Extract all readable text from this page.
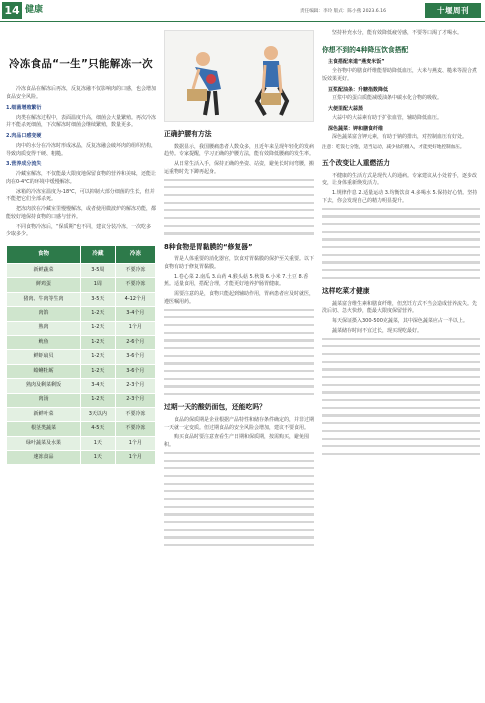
14 健康	责任编辑：李玲 版式：陈小燕 2023.6.16	十堰周刊
冷冻食品“一生”只能解冻一次
冷冻食品在解冻后再冻，反复冻融不仅影响肉的口感，也会增加食品安全风险。
1.细菌增殖繁衍
肉类在解冻过程中，表面温度升高，细菌会大量繁殖。再次冷冻并不能杀死细菌，下次解冻时细菌会继续繁殖，数量更多。
2.肉品口感变硬
肉中的水分在冷冻时形成冰晶，反复冻融会破坏肉的组织结构，导致肉质变得干硬、粗糙。
3.营养成分流失
冷藏室解冻，不仅能最大限度地保留食物的营养和美味，还能让肉在0-4℃的环境中缓慢解冻。
冰箱的冷冻室温度为-18℃，可以抑制大部分细菌的生长，但并不能把它们全部杀死。
把冻肉放在冷藏室里慢慢解冻，或者使用微波炉的解冻功能，都能较好地保持食物的口感与营养。
不同食物冷冻后，“保质期”也不同，建议分装冷冻，一次吃多少取多少。
食物	冷藏	冷冻
新鲜蔬菜	3-5周	不要冷冻
鲜鸡蛋	1周	不要冷冻
猪肉、牛肉等生肉	3-5天	4-12个月
肉馅	1-2天	3-4个月
熟肉	1-2天	1个月
鱿鱼	1-2天	2-6个月
鲜虾扇贝	1-2天	3-6个月
蛤蜊牡蛎	1-2天	3-6个月
熟肉及剩菜剩饭	3-4天	2-3个月
肉汤	1-2天	2-3个月
新鲜叶菜	3天以内	不要冷冻
根茎类蔬菜	4-5天	不要冷冻
绿叶蔬菜及水果	1天	1个月
速冻食品	1天	1个月
正确护腰有方法
数据显示，我国腰痛患者人数众多，且近年来呈现年轻化的发病趋势。专家提醒，学习正确的护腰方法，能有效降低腰痛的发生率。
从日常生活入手，保持正确的坐姿、站姿，避免长时间弯腰，搬运重物时先下蹲再起身。
8种食物是胃黏膜的“修复器”
胃是人体重要的消化器官，饮食对胃黏膜的保护至关重要。以下食物有助于修复胃黏膜。
1.卷心菜 2.南瓜 3.山药 4.猴头菇 5.秋葵 6.小米 7.土豆 8.香蕉。适量食用，搭配合理，才能更好地养护肠胃健康。
需要注意的是，食物只能起到辅助作用，胃病患者应及时就医，遵医嘱用药。
过期一天的酸奶面包，还能吃吗？
食品的保质期是企业根据产品特性和储存条件确定的，并非过期一天就一定变质。但过期食品的安全风险会增加，建议不要食用。
购买食品时要注意查看生产日期和保质期，按需购买，避免囤积。
坚持补充水分，能有效降低疲劳感，不要等口渴了才喝水。
你想不到的4种降压饮食搭配
主食搭配来道“燕麦米饭”
全谷物中的膳食纤维能帮助降低血压，大米与燕麦、糙米等混合煮饭效果更好。
豆浆配油条：升糖指数降低
豆浆中的蛋白质能减缓油条中碳水化合物的吸收。
大便里配大蒜蒸
大蒜中的大蒜素有助于扩张血管，辅助降低血压。
深色蔬菜：钾和膳食纤维
深色蔬菜富含钾元素，有助于钠的排出，对控制血压有好处。
注意：吃饭七分饱，适当运动，减少盐的摄入，才能更好地控制血压。
五个改变让人重燃活力
不健康的生活方式是现代人的通病。专家建议从小处着手，逐步改变，让身体重新焕发活力。
1.规律作息 2.适量运动 3.均衡饮食 4.多喝水 5.保持好心情。坚持下去，你会发现自己的精力明显提升。
这样吃菜才健康
蔬菜富含维生素和膳食纤维，但烹饪方式不当会造成营养流失。先洗后切、急火快炒，能最大限度保留营养。
每天保证摄入300-500克蔬菜，其中深色蔬菜应占一半以上。
蔬菜储存时间不宜过长，现买现吃最好。
